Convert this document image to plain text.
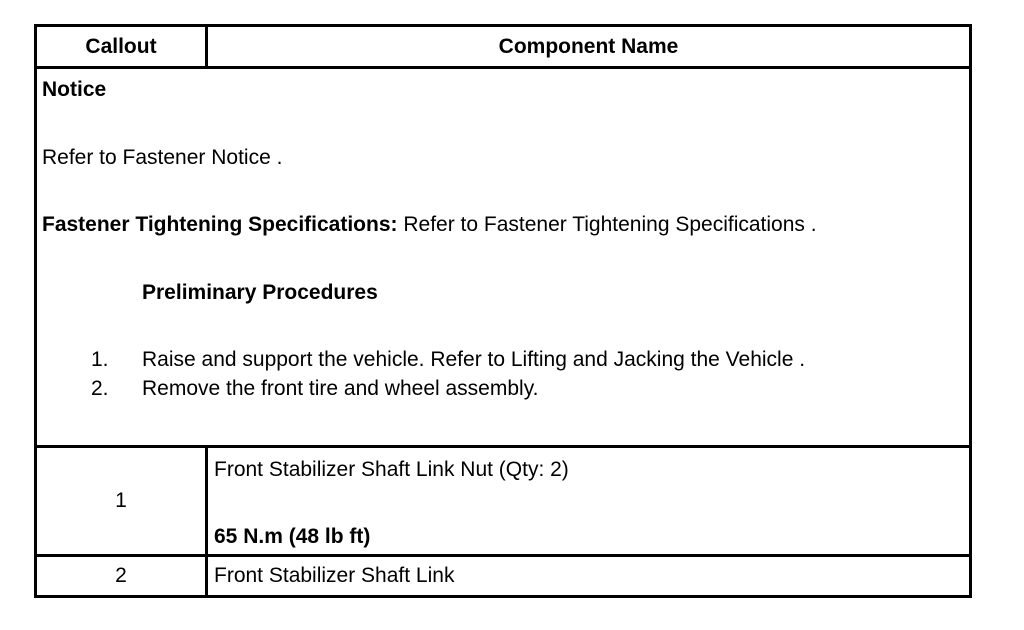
Callout	Component Name
Notice
Refer to Fastener Notice .
Fastener Tightening Specifications: Refer to Fastener Tightening Specifications .
Preliminary Procedures
1. Raise and support the vehicle. Refer to Lifting and Jacking the Vehicle .
2. Remove the front tire and wheel assembly.
1
Front Stabilizer Shaft Link Nut (Qty: 2)
65 N.m (48 lb ft)
2	Front Stabilizer Shaft Link
